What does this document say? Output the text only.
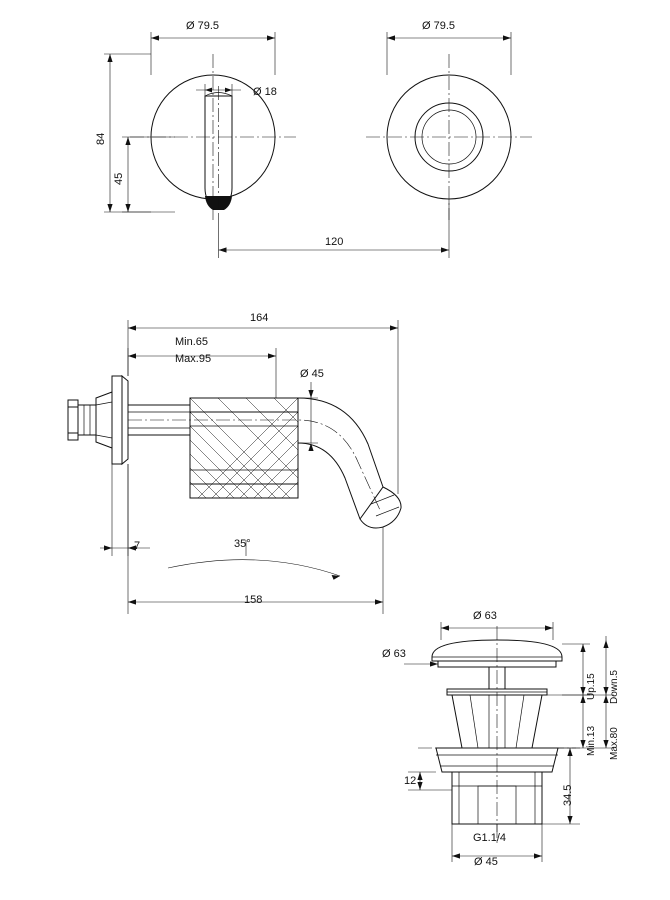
Ø 79.5
Ø 18
84
45
120
Ø 79.5
164
Min.65
Max.95
Ø 45
7	35°
158
Ø 63
Ø 63
Up.15 Down.5
Min.13 Max.80
34.5
12
G1.1/4
Ø 45
